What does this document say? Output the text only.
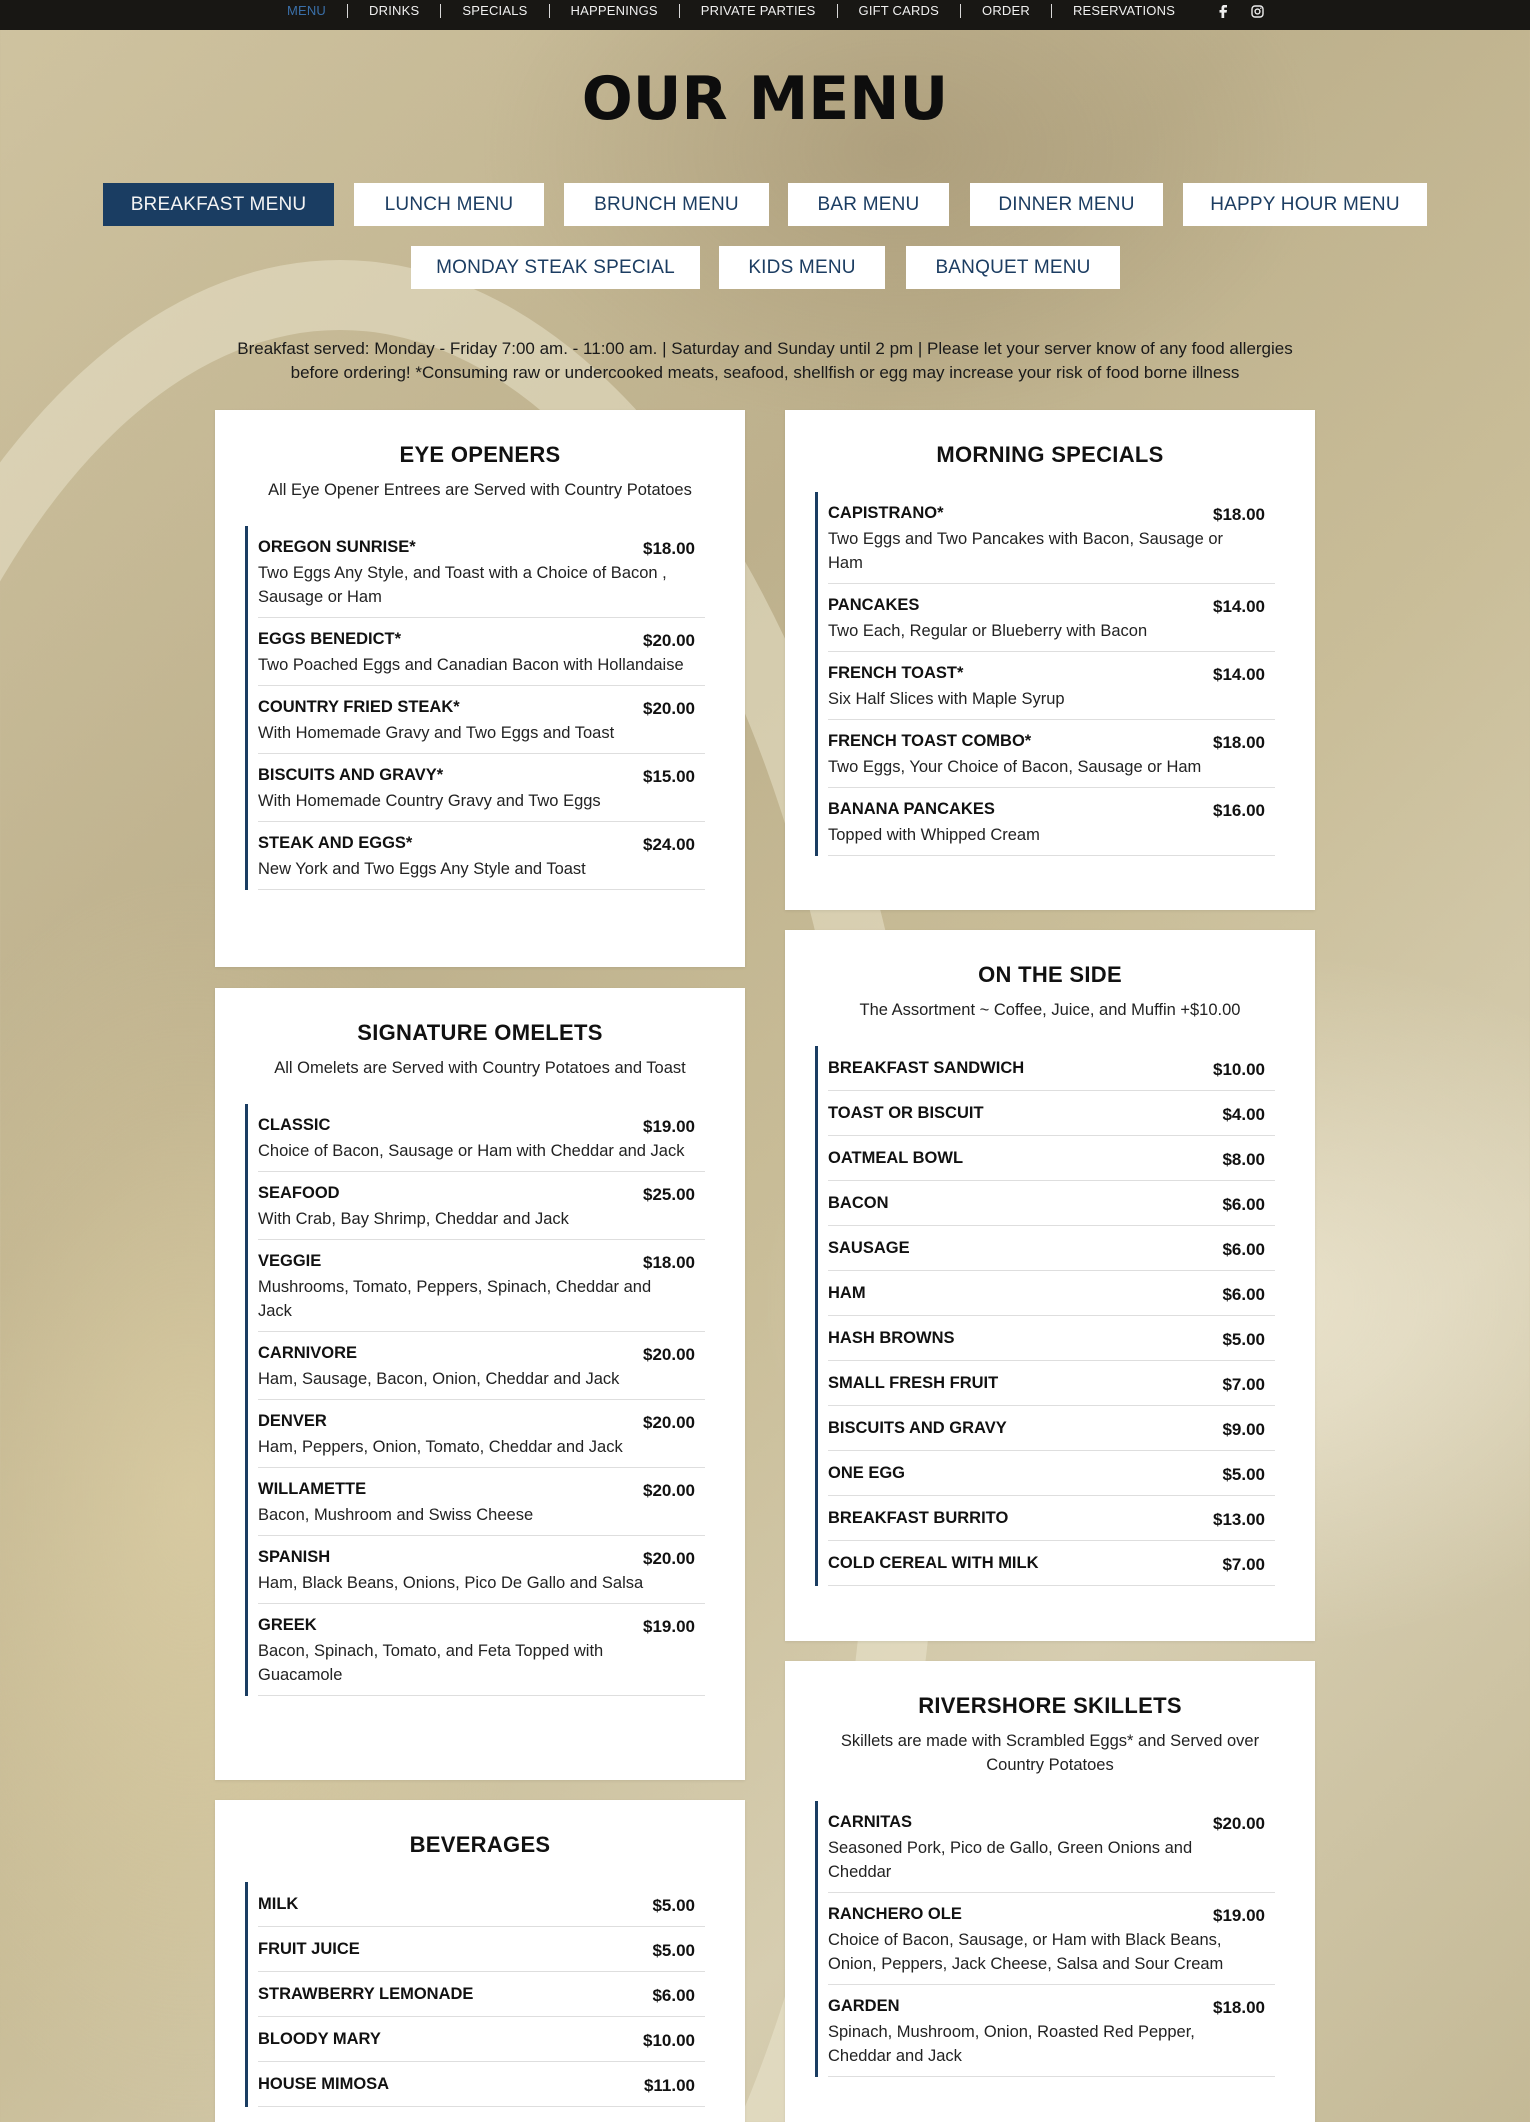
MENU	DRINKS	SPECIALS	HAPPENINGS	PRIVATE PARTIES	GIFT CARDS	ORDER	RESERVATIONS
OUR MENU
BREAKFAST MENU	LUNCH MENU	BRUNCH MENU	BAR MENU	DINNER MENU	HAPPY HOUR MENU
MONDAY STEAK SPECIAL	KIDS MENU	BANQUET MENU
Breakfast served: Monday - Friday 7:00 am. - 11:00 am. | Saturday and Sunday until 2 pm | Please let your server know of any food allergies
before ordering! *Consuming raw or undercooked meats, seafood, shellfish or egg may increase your risk of food borne illness
EYE OPENERS
All Eye Opener Entrees are Served with Country Potatoes
OREGON SUNRISE*	$18.00
Two Eggs Any Style, and Toast with a Choice of Bacon , Sausage or Ham
EGGS BENEDICT*	$20.00
Two Poached Eggs and Canadian Bacon with Hollandaise
COUNTRY FRIED STEAK*	$20.00
With Homemade Gravy and Two Eggs and Toast
BISCUITS AND GRAVY*	$15.00
With Homemade Country Gravy and Two Eggs
STEAK AND EGGS*	$24.00
New York and Two Eggs Any Style and Toast
MORNING SPECIALS
CAPISTRANO*	$18.00
Two Eggs and Two Pancakes with Bacon, Sausage or Ham
PANCAKES	$14.00
Two Each, Regular or Blueberry with Bacon
FRENCH TOAST*	$14.00
Six Half Slices with Maple Syrup
FRENCH TOAST COMBO*	$18.00
Two Eggs, Your Choice of Bacon, Sausage or Ham
BANANA PANCAKES	$16.00
Topped with Whipped Cream
SIGNATURE OMELETS
All Omelets are Served with Country Potatoes and Toast
CLASSIC	$19.00
Choice of Bacon, Sausage or Ham with Cheddar and Jack
SEAFOOD	$25.00
With Crab, Bay Shrimp, Cheddar and Jack
VEGGIE	$18.00
Mushrooms, Tomato, Peppers, Spinach, Cheddar and Jack
CARNIVORE	$20.00
Ham, Sausage, Bacon, Onion, Cheddar and Jack
DENVER	$20.00
Ham, Peppers, Onion, Tomato, Cheddar and Jack
WILLAMETTE	$20.00
Bacon, Mushroom and Swiss Cheese
SPANISH	$20.00
Ham, Black Beans, Onions, Pico De Gallo and Salsa
GREEK	$19.00
Bacon, Spinach, Tomato, and Feta Topped with Guacamole
ON THE SIDE
The Assortment ~ Coffee, Juice, and Muffin +$10.00
BREAKFAST SANDWICH	$10.00
TOAST OR BISCUIT	$4.00
OATMEAL BOWL	$8.00
BACON	$6.00
SAUSAGE	$6.00
HAM	$6.00
HASH BROWNS	$5.00
SMALL FRESH FRUIT	$7.00
BISCUITS AND GRAVY	$9.00
ONE EGG	$5.00
BREAKFAST BURRITO	$13.00
COLD CEREAL WITH MILK	$7.00
BEVERAGES
MILK	$5.00
FRUIT JUICE	$5.00
STRAWBERRY LEMONADE	$6.00
BLOODY MARY	$10.00
HOUSE MIMOSA	$11.00
RIVERSHORE SKILLETS
Skillets are made with Scrambled Eggs* and Served over Country Potatoes
CARNITAS	$20.00
Seasoned Pork, Pico de Gallo, Green Onions and Cheddar
RANCHERO OLE	$19.00
Choice of Bacon, Sausage, or Ham with Black Beans, Onion, Peppers, Jack Cheese, Salsa and Sour Cream
GARDEN	$18.00
Spinach, Mushroom, Onion, Roasted Red Pepper, Cheddar and Jack
